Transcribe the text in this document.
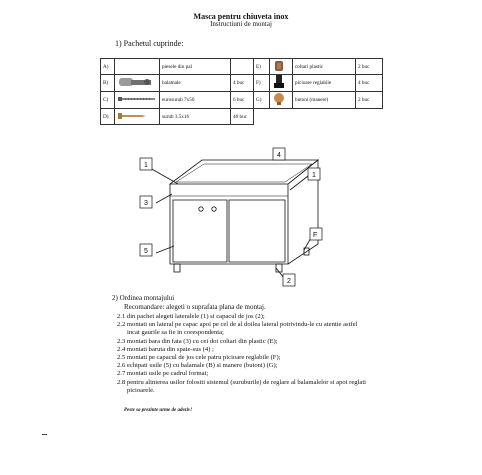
Masca pentru chiuveta inox
Instructiuni de montaj
1) Pachetul cuprinde:
A)		piesele din pal		E)		coltari plastic	2 buc
B)		balamale	4 buc	F)		picioare reglabile	4 buc
C)		eurosurub 7x50	6 buc	G)		butoni (manere)	2 buc
D)		surub 3.5x16	40 buc				
1
1
4
3
5
F
2
2) Ordinea montajului
Recomandare: alegeti o suprafata plana de montaj.
2.1 din pachet alegeti lateralele (1) si capacul de jos (2);
2.2 montati un lateral pe capac apoi pe cel de al doilea lateral potrivindu-le cu atentie astfel incat gaurile sa fie in corespondenta;
2.3 montati bara din fata (3) cu cei doi coltari din plastic (E);
2.4 montati baruta din spate-sus (4) ;
2.5 montati pe capacul de jos cele patru picioare reglabile (F);
2.6 echipati usile (5) cu balamale (B) si manere (butoni) (G);
2.7 montati usile pe cadrul format;
2.8 pentru alinierea usilor folositi sistemul (suruburile) de reglare al balamalelor si apoi reglati picioarele.
Peste sa prezinte urme de adeziv!
